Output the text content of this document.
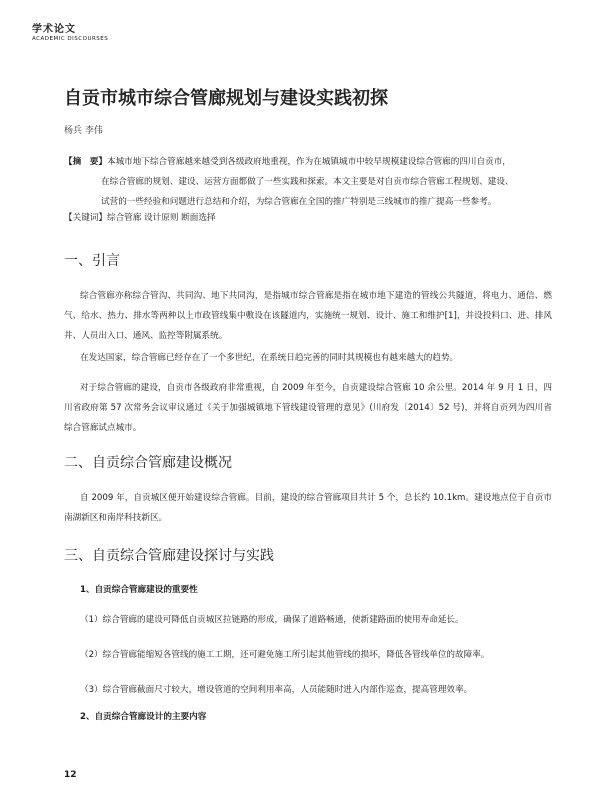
学术论文
ACADEMIC DISCOURSES
自贡市城市综合管廊规划与建设实践初探
杨兵 李伟
【摘　要】本城市地下综合管廊越来越受到各级政府地重视，作为在城镇城市中较早规模建设综合管廊的四川自贡市，
在综合管廊的规划、建设、运营方面都做了一些实践和探索。本文主要是对自贡市综合管廊工程规划、建设、
试营的一些经验和问题进行总结和介绍，为综合管廊在全国的推广特别是三线城市的推广提高一些参考。
【关键词】综合管廊 设计原则 断面选择
一、引言
综合管廊亦称综合管沟、共同沟、地下共同沟，是指城市综合管廊是指在城市地下建造的管线公共隧道，将电力、通信、燃气、给水、热力、排水等两种以上市政管线集中敷设在该隧道内，实施统一规划、设计、施工和维护[1]，并设投料口、进、排风井、人员出入口、通风、监控等附属系统。
在发达国家，综合管廊已经存在了一个多世纪，在系统日趋完善的同时其规模也有越来越大的趋势。
对于综合管廊的建设，自贡市各级政府非常重视，自 2009 年至今，自贡建设综合管廊 10 余公里。2014 年 9 月 1 日，四川省政府第 57 次常务会议审议通过《关于加强城镇地下管线建设管理的意见》(川府发〔2014〕52 号)，并将自贡列为四川省综合管廊试点城市。
二、自贡综合管廊建设概况
自 2009 年，自贡城区便开始建设综合管廊。目前，建设的综合管廊项目共计 5 个，总长约 10.1km。建设地点位于自贡市南湖新区和南岸科技新区。
三、自贡综合管廊建设探讨与实践
1、自贡综合管廊建设的重要性
（1）综合管廊的建设可降低自贡城区拉链路的形成，确保了道路畅通，使新建路面的使用寿命延长。
（2）综合管廊能缩短各管线的施工工期，还可避免施工所引起其他管线的损坏，降低各管线单位的故障率。
（3）综合管廊截面尺寸较大，增设管道的空间利用率高，人员能随时进入内部作巡查，提高管理效率。
2、自贡综合管廊设计的主要内容
12
